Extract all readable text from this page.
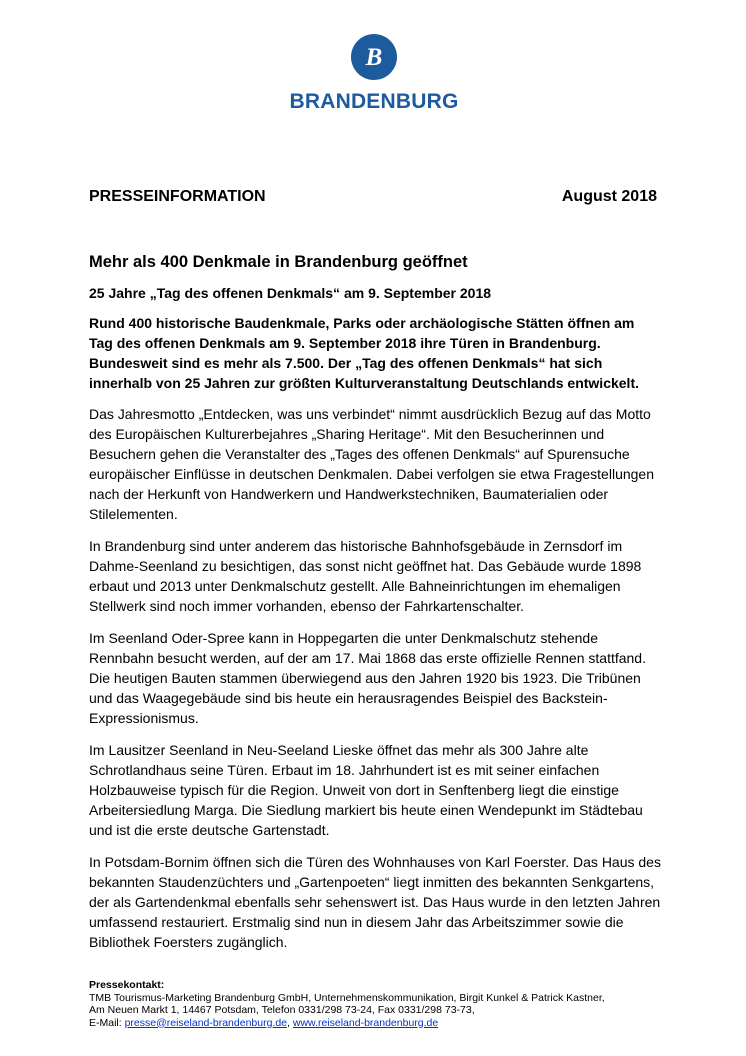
B
BRANDENBURG
PRESSEINFORMATION	August 2018
Mehr als 400 Denkmale in Brandenburg geöffnet
25 Jahre „Tag des offenen Denkmals“ am 9. September 2018

Rund 400 historische Baudenkmale, Parks oder archäologische Stätten öffnen am Tag des offenen Denkmals am 9. September 2018 ihre Türen in Brandenburg. Bundesweit sind es mehr als 7.500. Der „Tag des offenen Denkmals“ hat sich innerhalb von 25 Jahren zur größten Kulturveranstaltung Deutschlands entwickelt.

Das Jahresmotto „Entdecken, was uns verbindet“ nimmt ausdrücklich Bezug auf das Motto des Europäischen Kulturerbejahres „Sharing Heritage“. Mit den Besucherinnen und Besuchern gehen die Veranstalter des „Tages des offenen Denkmals“ auf Spurensuche europäischer Einflüsse in deutschen Denkmalen. Dabei verfolgen sie etwa Fragestellungen nach der Herkunft von Handwerkern und Handwerkstechniken, Baumaterialien oder Stilelementen.

In Brandenburg sind unter anderem das historische Bahnhofsgebäude in Zernsdorf im Dahme-Seenland zu besichtigen, das sonst nicht geöffnet hat. Das Gebäude wurde 1898 erbaut und 2013 unter Denkmalschutz gestellt. Alle Bahneinrichtungen im ehemaligen Stellwerk sind noch immer vorhanden, ebenso der Fahrkartenschalter.

Im Seenland Oder-Spree kann in Hoppegarten die unter Denkmalschutz stehende Rennbahn besucht werden, auf der am 17. Mai 1868 das erste offizielle Rennen stattfand. Die heutigen Bauten stammen überwiegend aus den Jahren 1920 bis 1923. Die Tribünen und das Waagegebäude sind bis heute ein herausragendes Beispiel des Backstein-Expressionismus.

Im Lausitzer Seenland in Neu-Seeland Lieske öffnet das mehr als 300 Jahre alte Schrotlandhaus seine Türen. Erbaut im 18. Jahrhundert ist es mit seiner einfachen Holzbauweise typisch für die Region. Unweit von dort in Senftenberg liegt die einstige Arbeitersiedlung Marga. Die Siedlung markiert bis heute einen Wendepunkt im Städtebau und ist die erste deutsche Gartenstadt.

In Potsdam-Bornim öffnen sich die Türen des Wohnhauses von Karl Foerster. Das Haus des bekannten Staudenzüchters und „Gartenpoeten“ liegt inmitten des bekannten Senkgartens, der als Gartendenkmal ebenfalls sehr sehenswert ist. Das Haus wurde in den letzten Jahren umfassend restauriert. Erstmalig sind nun in diesem Jahr das Arbeitszimmer sowie die Bibliothek Foersters zugänglich.

Pressekontakt:
TMB Tourismus-Marketing Brandenburg GmbH, Unternehmenskommunikation, Birgit Kunkel & Patrick Kastner,
Am Neuen Markt 1, 14467 Potsdam, Telefon 0331/298 73-24, Fax 0331/298 73-73,
E-Mail: presse@reiseland-brandenburg.de, www.reiseland-brandenburg.de
